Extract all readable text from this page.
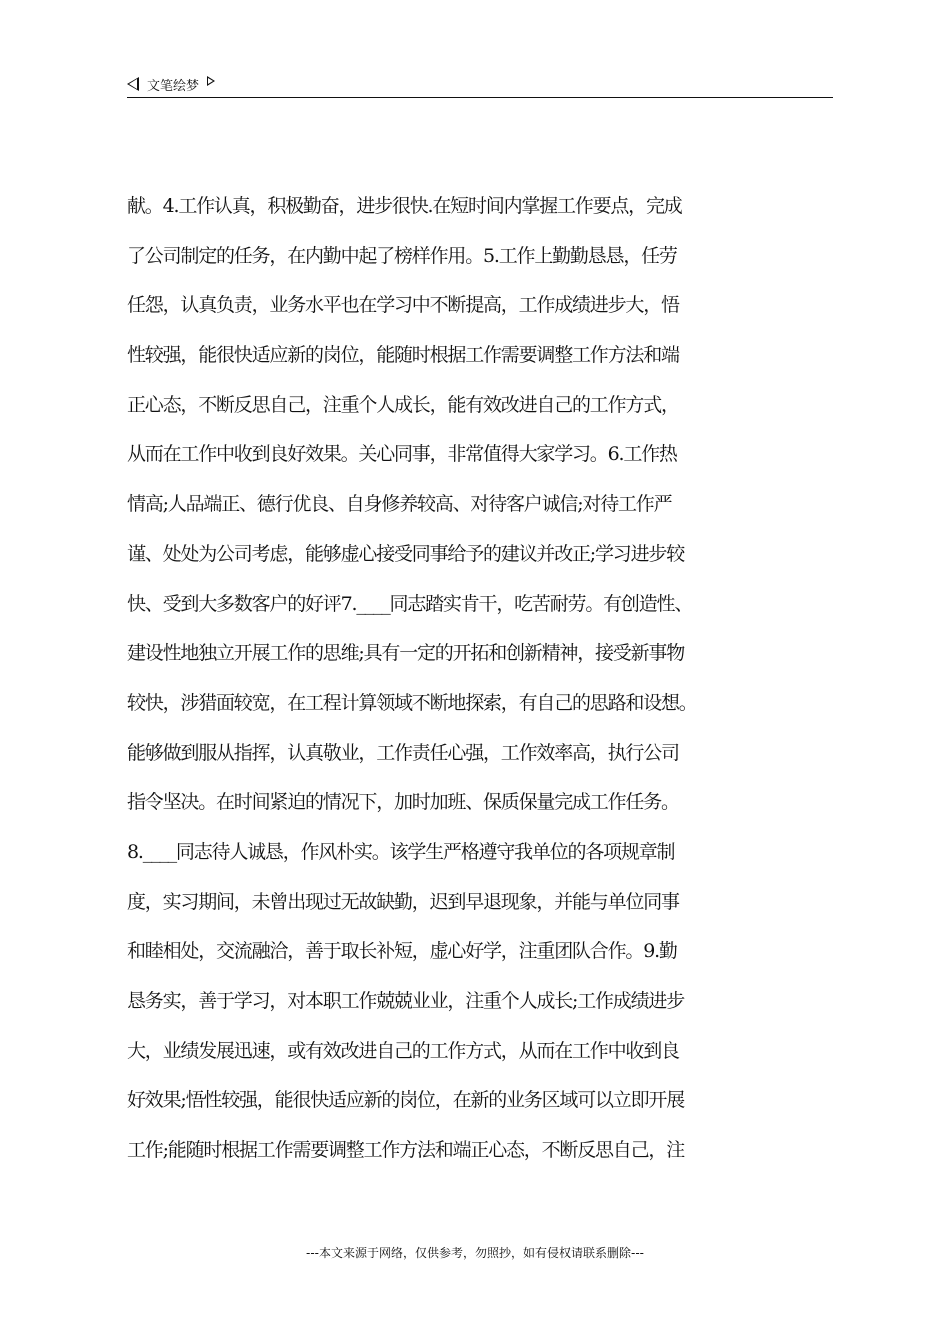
文笔绘梦
献。4.工作认真，积极勤奋，进步很快.在短时间内掌握工作要点，完成
了公司制定的任务，在内勤中起了榜样作用。5.工作上勤勤恳恳，任劳
任怨，认真负责，业务水平也在学习中不断提高，工作成绩进步大，悟
性较强，能很快适应新的岗位，能随时根据工作需要调整工作方法和端
正心态，不断反思自己，注重个人成长，能有效改进自己的工作方式，
从而在工作中收到良好效果。关心同事，非常值得大家学习。6.工作热
情高;人品端正、德行优良、自身修养较高、对待客户诚信;对待工作严
谨、处处为公司考虑，能够虚心接受同事给予的建议并改正;学习进步较
快、受到大多数客户的好评7.____同志踏实肯干，吃苦耐劳。有创造性、
建设性地独立开展工作的思维;具有一定的开拓和创新精神，接受新事物
较快，涉猎面较宽，在工程计算领域不断地探索，有自己的思路和设想。
能够做到服从指挥，认真敬业，工作责任心强，工作效率高，执行公司
指令坚决。在时间紧迫的情况下，加时加班、保质保量完成工作任务。
8.____同志待人诚恳，作风朴实。该学生严格遵守我单位的各项规章制
度，实习期间，未曾出现过无故缺勤，迟到早退现象，并能与单位同事
和睦相处，交流融洽，善于取长补短，虚心好学，注重团队合作。9.勤
恳务实，善于学习，对本职工作兢兢业业，注重个人成长;工作成绩进步
大，业绩发展迅速，或有效改进自己的工作方式，从而在工作中收到良
好效果;悟性较强，能很快适应新的岗位，在新的业务区域可以立即开展
工作;能随时根据工作需要调整工作方法和端正心态，不断反思自己，注
---本文来源于网络，仅供参考，勿照抄，如有侵权请联系删除---
